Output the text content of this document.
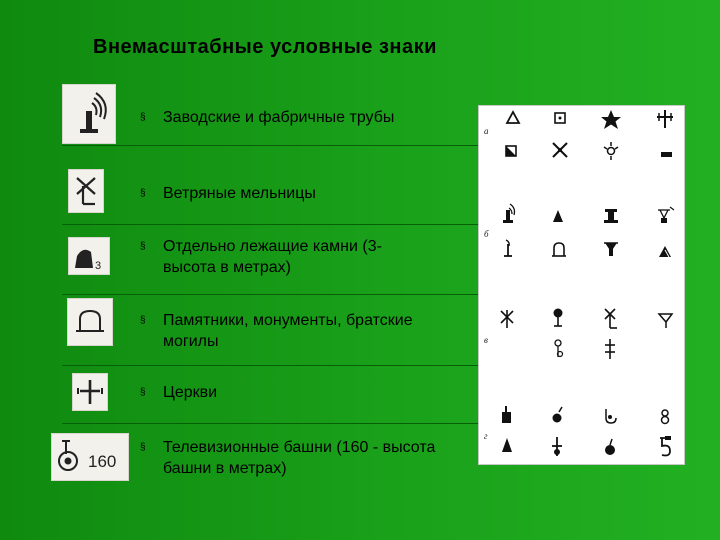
Внемасштабные условные знаки
§ Заводские и фабричные трубы
§ Ветряные мельницы
3
§ Отдельно лежащие камни (3-высота в метрах)
§ Памятники, монументы, братские могилы
§ Церкви
160
§ Телевизионные башни (160 - высота башни в метрах)
а
б
в
г
